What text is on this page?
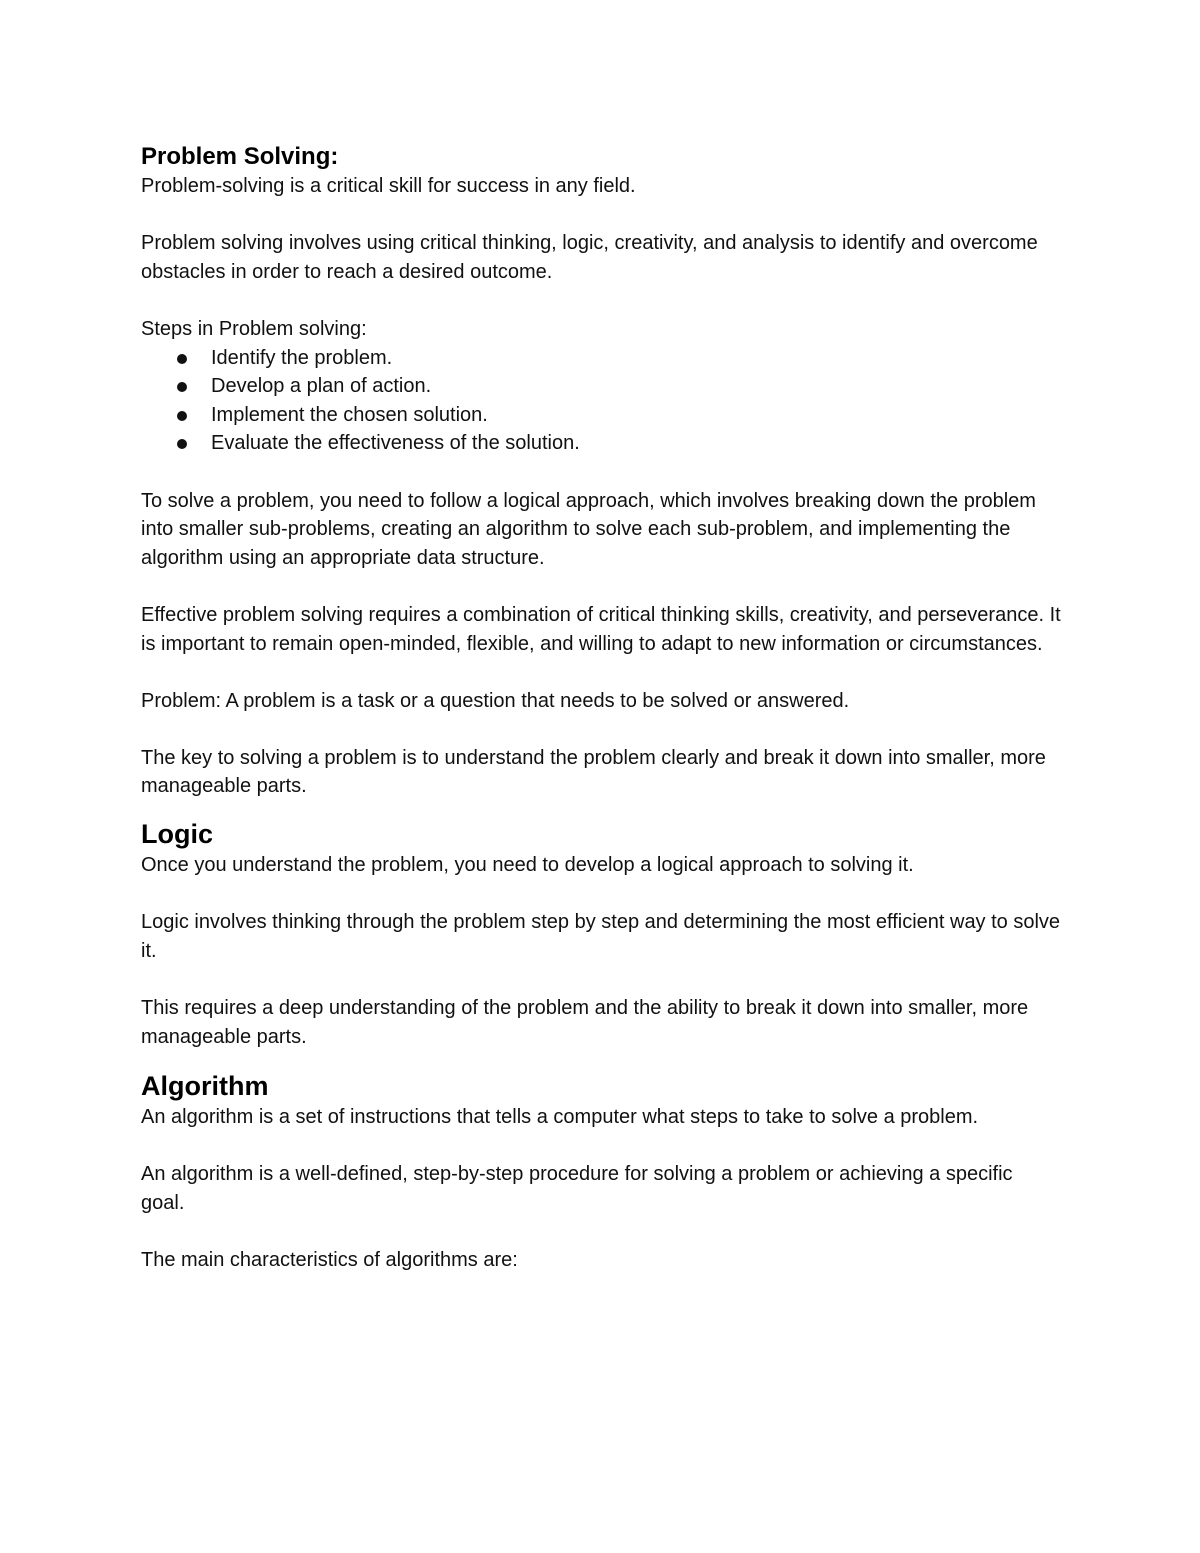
Problem Solving:

Problem-solving is a critical skill for success in any field.

Problem solving involves using critical thinking, logic, creativity, and analysis to identify and overcome obstacles in order to reach a desired outcome.

Steps in Problem solving:

Identify the problem.
Develop a plan of action.
Implement the chosen solution.
Evaluate the effectiveness of the solution.

To solve a problem, you need to follow a logical approach, which involves breaking down the problem into smaller sub-problems, creating an algorithm to solve each sub-problem, and implementing the algorithm using an appropriate data structure.

Effective problem solving requires a combination of critical thinking skills, creativity, and perseverance. It is important to remain open-minded, flexible, and willing to adapt to new information or circumstances.

Problem: A problem is a task or a question that needs to be solved or answered.

The key to solving a problem is to understand the problem clearly and break it down into smaller, more manageable parts.

Logic

Once you understand the problem, you need to develop a logical approach to solving it.

Logic involves thinking through the problem step by step and determining the most efficient way to solve it.

This requires a deep understanding of the problem and the ability to break it down into smaller, more manageable parts.

Algorithm

An algorithm is a set of instructions that tells a computer what steps to take to solve a problem.

An algorithm is a well-defined, step-by-step procedure for solving a problem or achieving a specific goal.

The main characteristics of algorithms are:
